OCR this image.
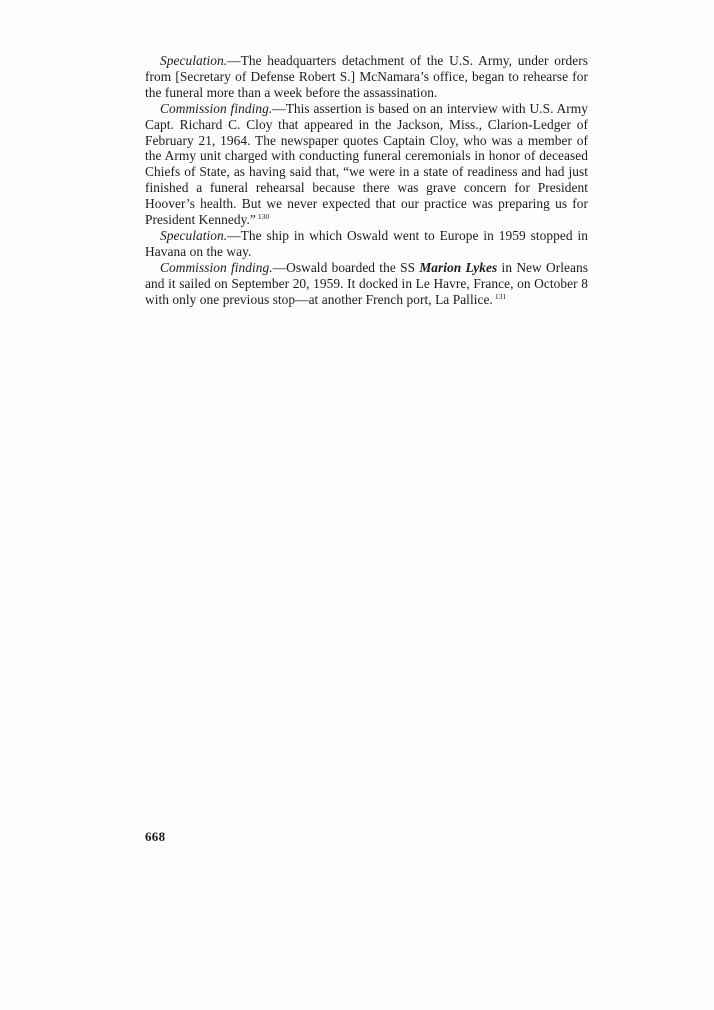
Speculation.—The headquarters detachment of the U.S. Army, under orders from [Secretary of Defense Robert S.] McNamara’s office, began to rehearse for the funeral more than a week before the assassination.

Commission finding.—This assertion is based on an interview with U.S. Army Capt. Richard C. Cloy that appeared in the Jackson, Miss., Clarion-Ledger of February 21, 1964. The newspaper quotes Captain Cloy, who was a member of the Army unit charged with conducting funeral ceremonials in honor of deceased Chiefs of State, as having said that, “we were in a state of readiness and had just finished a funeral rehearsal because there was grave concern for President Hoover’s health. But we never expected that our practice was preparing us for President Kennedy.” $^{130}$

Speculation.—The ship in which Oswald went to Europe in 1959 stopped in Havana on the way.

Commission finding.—Oswald boarded the SS Marion Lykes in New Orleans and it sailed on September 20, 1959. It docked in Le Havre, France, on October 8 with only one previous stop—at another French port, La Pallice. $^{131}$

668
